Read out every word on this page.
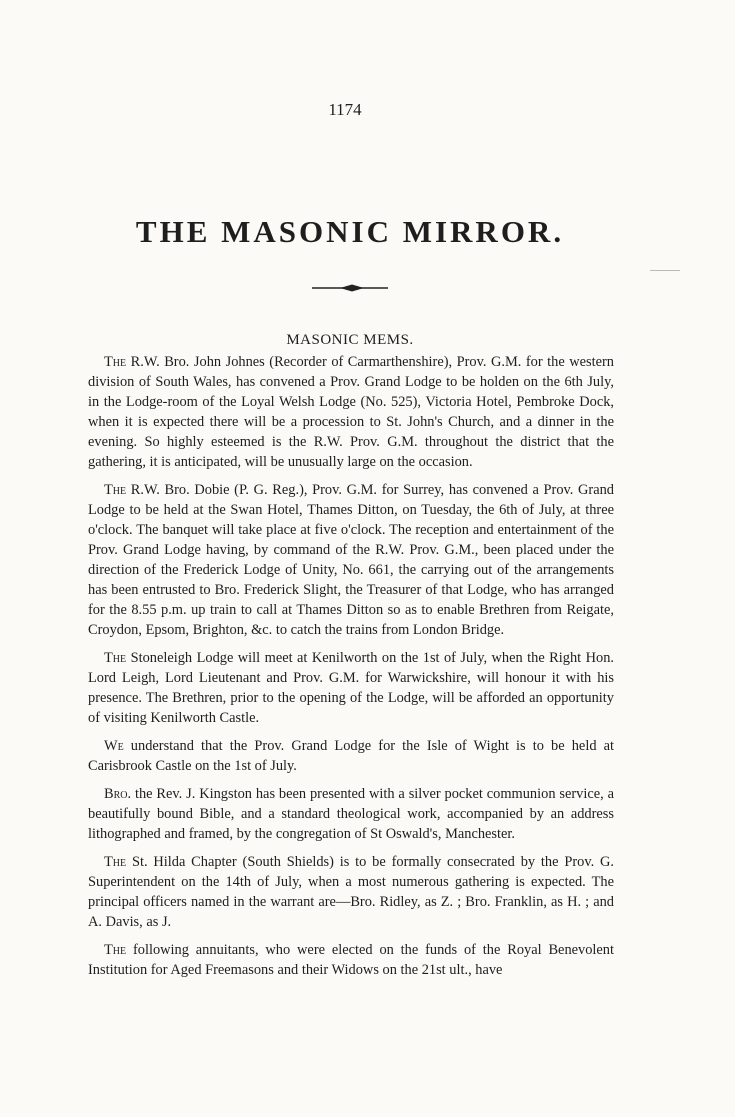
1174
THE MASONIC MIRROR.
MASONIC MEMS.

The R.W. Bro. John Johnes (Recorder of Carmarthenshire), Prov. G.M. for the western division of South Wales, has convened a Prov. Grand Lodge to be holden on the 6th July, in the Lodge-room of the Loyal Welsh Lodge (No. 525), Victoria Hotel, Pembroke Dock, when it is expected there will be a procession to St. John's Church, and a dinner in the evening. So highly esteemed is the R.W. Prov. G.M. throughout the district that the gathering, it is anticipated, will be unusually large on the occasion.

The R.W. Bro. Dobie (P. G. Reg.), Prov. G.M. for Surrey, has convened a Prov. Grand Lodge to be held at the Swan Hotel, Thames Ditton, on Tuesday, the 6th of July, at three o'clock. The banquet will take place at five o'clock. The reception and entertainment of the Prov. Grand Lodge having, by command of the R.W. Prov. G.M., been placed under the direction of the Frederick Lodge of Unity, No. 661, the carrying out of the arrangements has been entrusted to Bro. Frederick Slight, the Treasurer of that Lodge, who has arranged for the 8.55 p.m. up train to call at Thames Ditton so as to enable Brethren from Reigate, Croydon, Epsom, Brighton, &c. to catch the trains from London Bridge.

The Stoneleigh Lodge will meet at Kenilworth on the 1st of July, when the Right Hon. Lord Leigh, Lord Lieutenant and Prov. G.M. for Warwickshire, will honour it with his presence. The Brethren, prior to the opening of the Lodge, will be afforded an opportunity of visiting Kenilworth Castle.

We understand that the Prov. Grand Lodge for the Isle of Wight is to be held at Carisbrook Castle on the 1st of July.

Bro. the Rev. J. Kingston has been presented with a silver pocket communion service, a beautifully bound Bible, and a standard theological work, accompanied by an address lithographed and framed, by the congregation of St Oswald's, Manchester.

The St. Hilda Chapter (South Shields) is to be formally consecrated by the Prov. G. Superintendent on the 14th of July, when a most numerous gathering is expected. The principal officers named in the warrant are—Bro. Ridley, as Z. ; Bro. Franklin, as H. ; and A. Davis, as J.

The following annuitants, who were elected on the funds of the Royal Benevolent Institution for Aged Freemasons and their Widows on the 21st ult., have
